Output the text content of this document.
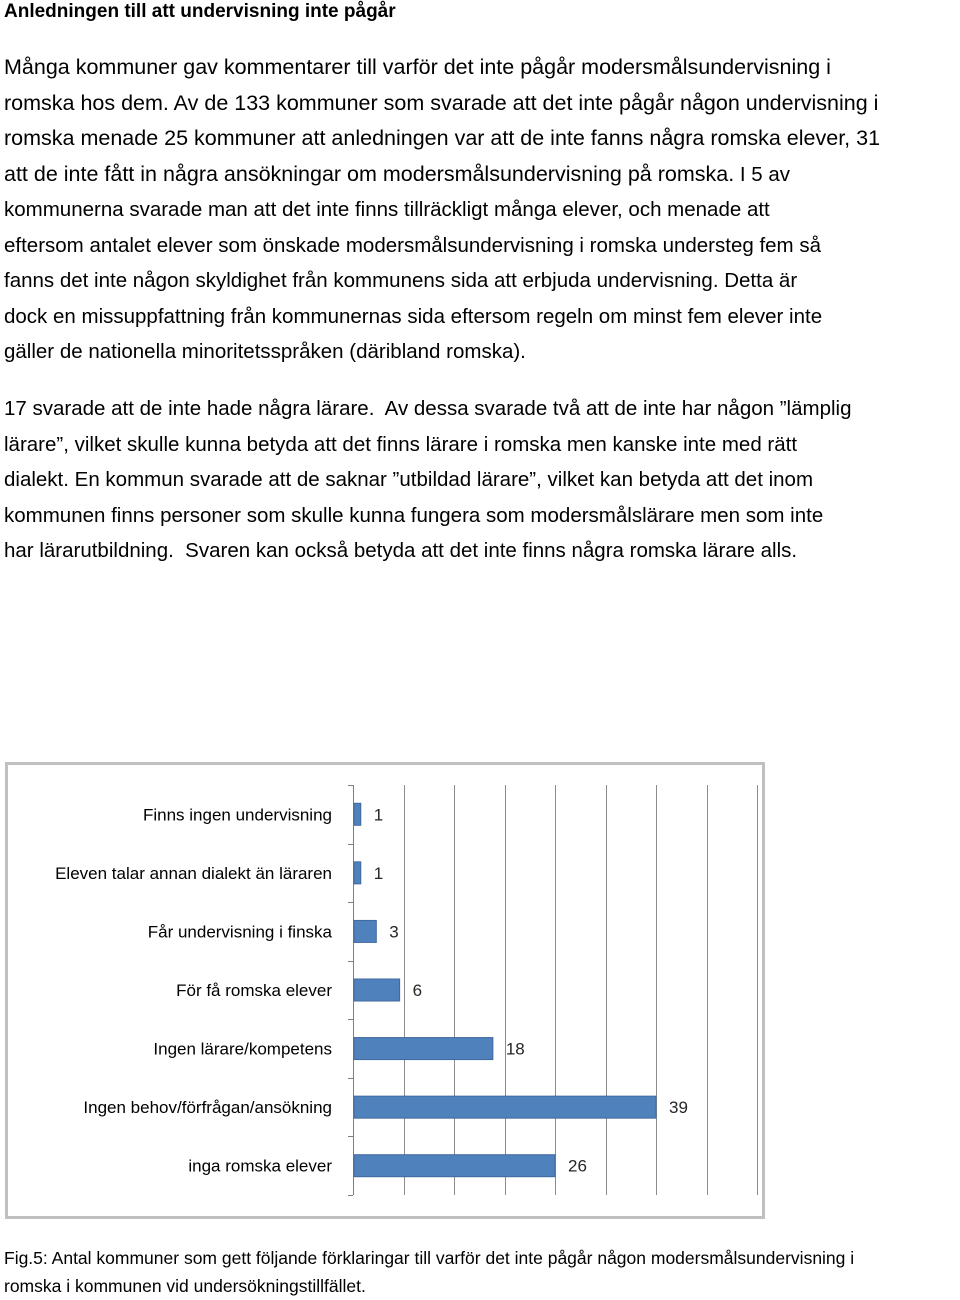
Anledningen till att undervisning inte pågår
Många kommuner gav kommentarer till varför det inte pågår modersmålsundervisning i
romska hos dem. Av de 133 kommuner som svarade att det inte pågår någon undervisning i
romska menade 25 kommuner att anledningen var att de inte fanns några romska elever, 31
att de inte fått in några ansökningar om modersmålsundervisning på romska. I 5 av
kommunerna svarade man att det inte finns tillräckligt många elever, och menade att
eftersom antalet elever som önskade modersmålsundervisning i romska understeg fem så
fanns det inte någon skyldighet från kommunens sida att erbjuda undervisning. Detta är
dock en missuppfattning från kommunernas sida eftersom regeln om minst fem elever inte
gäller de nationella minoritetsspråken (däribland romska).
17 svarade att de inte hade några lärare.  Av dessa svarade två att de inte har någon ”lämplig
lärare”, vilket skulle kunna betyda att det finns lärare i romska men kanske inte med rätt
dialekt. En kommun svarade att de saknar ”utbildad lärare”, vilket kan betyda att det inom
kommunen finns personer som skulle kunna fungera som modersmålslärare men som inte
har lärarutbildning.  Svaren kan också betyda att det inte finns några romska lärare alls.
Finns ingen undervisning 1
Eleven talar annan dialekt än läraren 1
Får undervisning i finska	3
För få romska elever	6
Ingen lärare/kompetens	18
Ingen behov/förfrågan/ansökning	39
inga romska elever	26
Fig.5: Antal kommuner som gett följande förklaringar till varför det inte pågår någon modersmålsundervisning i
romska i kommunen vid undersökningstillfället.
